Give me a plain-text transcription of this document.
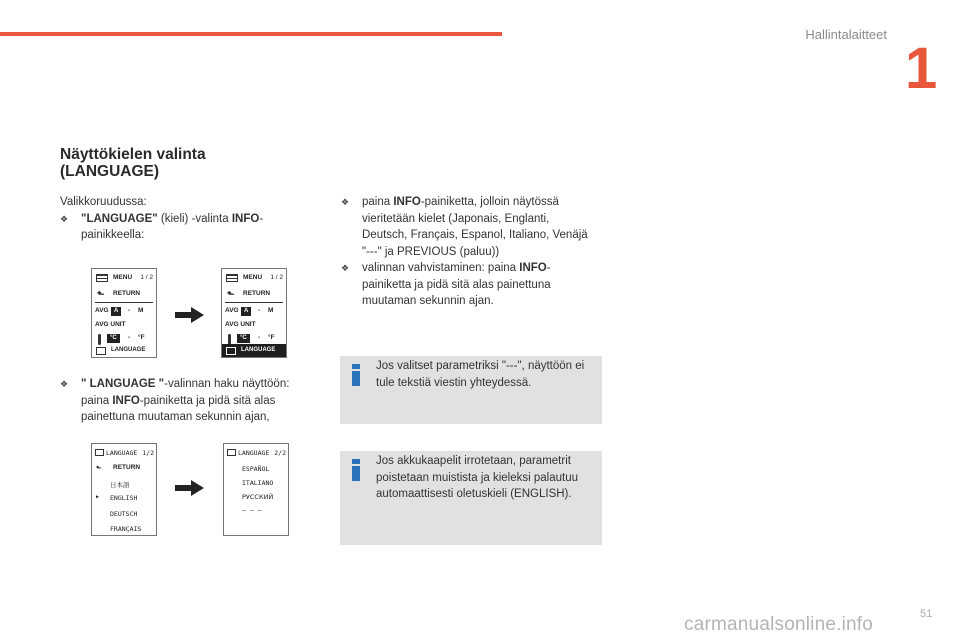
Hallintalaitteet
1
Näyttökielen valinta
(LANGUAGE)
Valikkoruudussa:
❖ "LANGUAGE" (kieli) -valinta INFO-painikkeella:
MENU 1 / 2
⬑ RETURN
AVG A	- M
AVG UNIT
°C	- °F
LANGUAGE
MENU 1 / 2
⬑ RETURN
AVG A	- M
AVG UNIT
°C	- °F
LANGUAGE
❖ " LANGUAGE "-valinnan haku näyttöön: paina INFO-painiketta ja pidä sitä alas painettuna muutaman sekunnin ajan,
LANGUAGE 1/2
⬑ RETURN
日本語
▶ ENGLISH
DEUTSCH
FRANÇAIS
LANGUAGE 2/2
ESPAÑOL
ITALIANO
РУССКИЙ
— — —
❖ paina INFO-painiketta, jolloin näytössä vieritetään kielet (Japonais, Englanti, Deutsch, Français, Espanol, Italiano, Venäjä "---" ja PREVIOUS (paluu))
❖ valinnan vahvistaminen: paina INFO-painiketta ja pidä sitä alas painettuna muutaman sekunnin ajan.
Jos valitset parametriksi "---", näyttöön ei tule tekstiä viestin yhteydessä.
Jos akkukaapelit irrotetaan, parametrit poistetaan muistista ja kieleksi palautuu automaattisesti oletuskieli (ENGLISH).
51
carmanualsonline.info
